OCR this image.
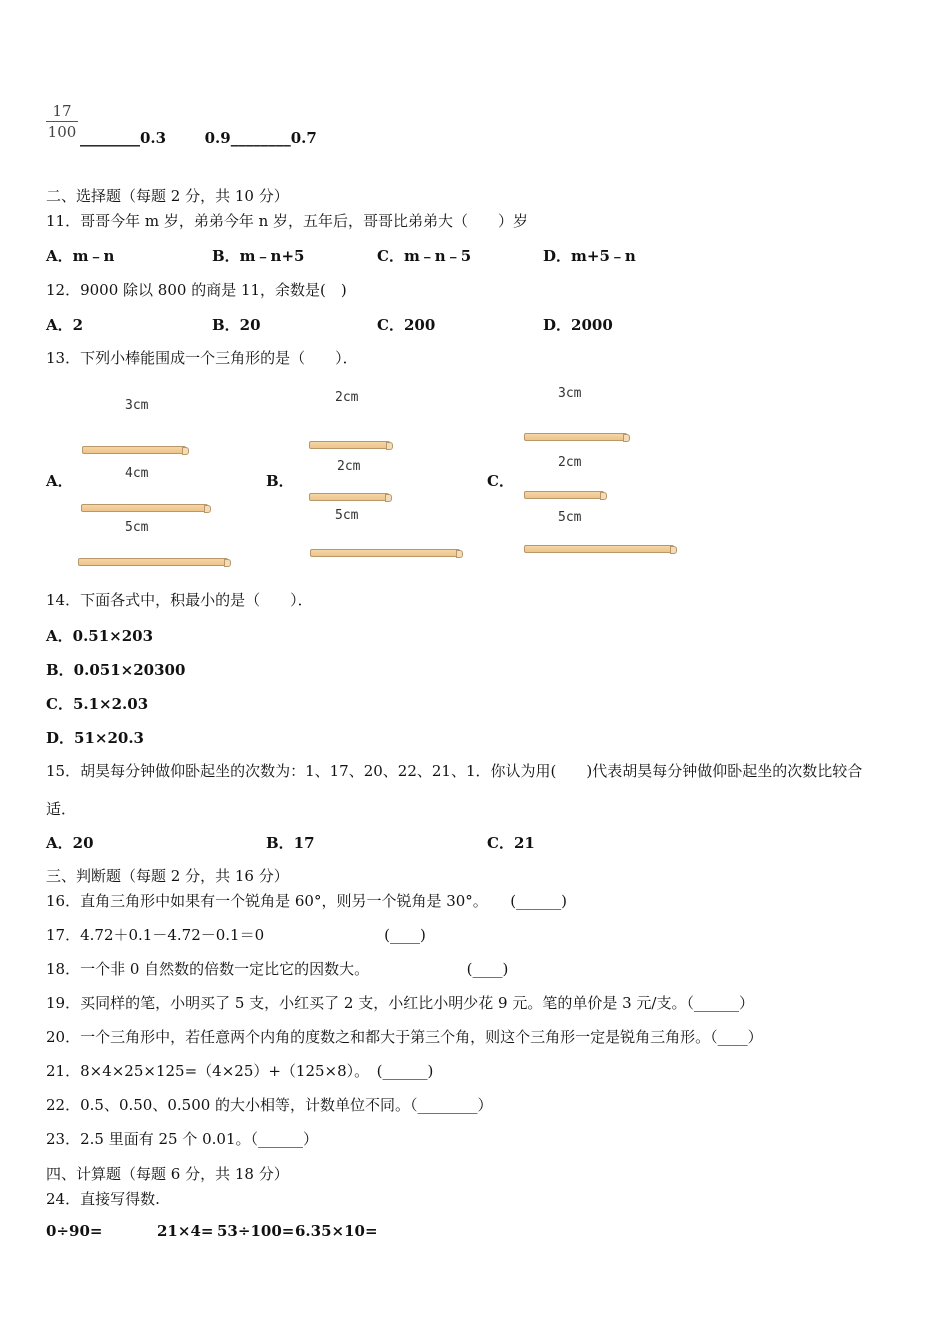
17
100 ________0.3	0.9________0.7
二、选择题（每题 2 分，共 10 分）
11．哥哥今年 m 岁，弟弟今年 n 岁，五年后，哥哥比弟弟大（　　）岁
A．m﹣n	B．m﹣n+5	C．m﹣n﹣5	D．m+5﹣n
12．9000 除以 800 的商是 11，余数是(　)
A．2	B．20	C．200	D．2000
13．下列小棒能围成一个三角形的是（　　）．
A．
3cm
4cm
5cm
B．
2cm
2cm
5cm
C．
3cm
2cm
5cm
14．下面各式中，积最小的是（　　）．
A．0.51×203
B．0.051×20300
C．5.1×2.03
D．51×20.3
15．胡昊每分钟做仰卧起坐的次数为：1、17、20、22、21、1．你认为用(　　)代表胡昊每分钟做仰卧起坐的次数比较合
适．
A．20	B．17	C．21
三、判断题（每题 2 分，共 16 分）
16．直角三角形中如果有一个锐角是 60°，则另一个锐角是 30°。　　(______)
17．4.72＋0.1－4.72－0.1＝0　　　　　　　　(____)
18．一个非 0 自然数的倍数一定比它的因数大。　　　　　　　(____)
19．买同样的笔，小明买了 5 支，小红买了 2 支，小红比小明少花 9 元。笔的单价是 3 元/支。（______）
20．一个三角形中，若任意两个内角的度数之和都大于第三个角，则这个三角形一定是锐角三角形。（____）
21．8×4×25×125=（4×25）+（125×8）。　(______)
22．0.5、0.50、0.500 的大小相等，计数单位不同。（________）
23．2.5 里面有 25 个 0.01。（______）
四、计算题（每题 6 分，共 18 分）
24．直接写得数.
0÷90=	21×4= 53÷100= 6.35×10=
